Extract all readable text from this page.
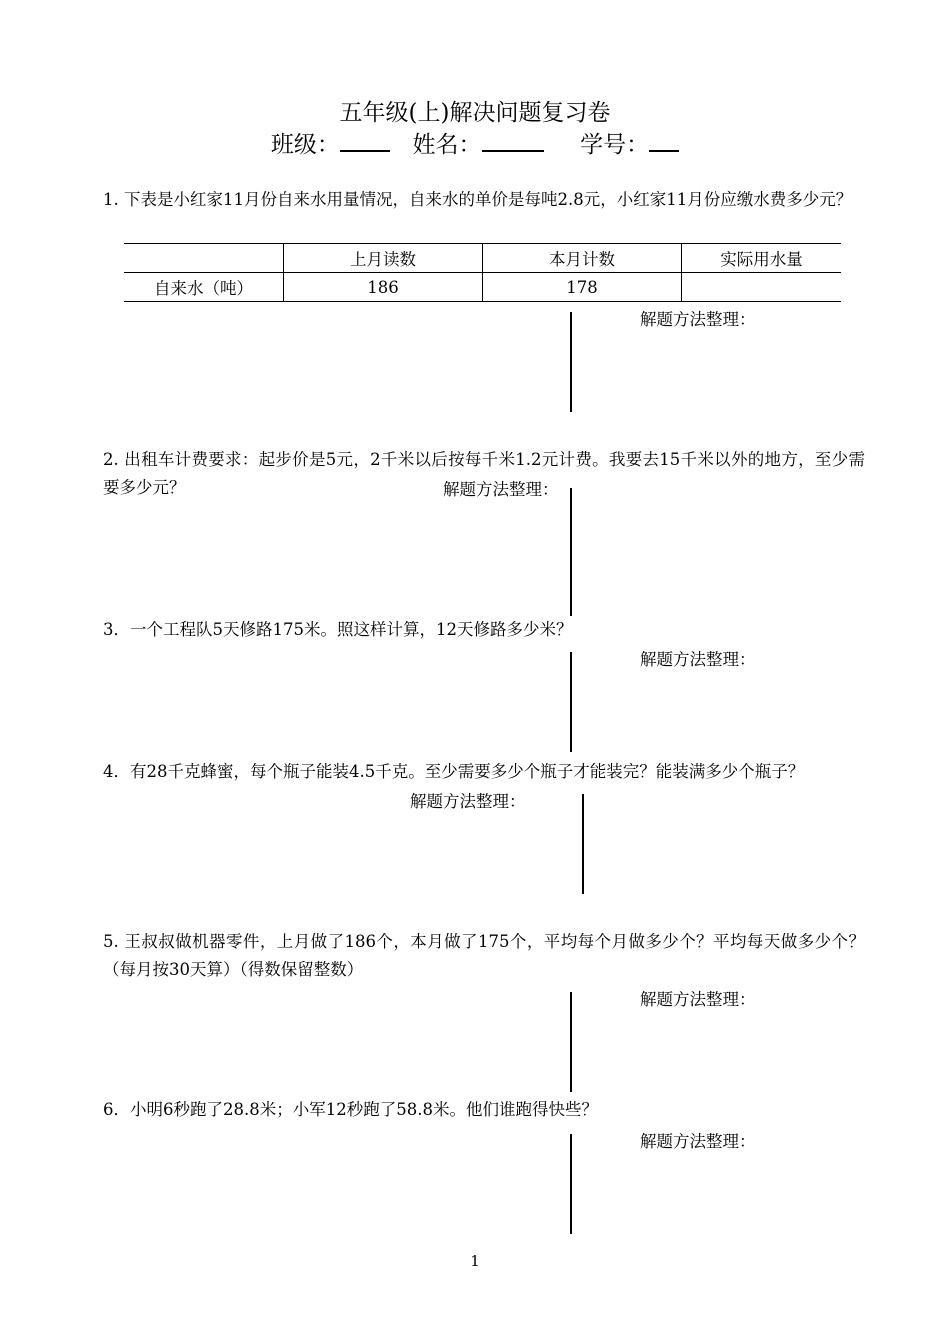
五年级(上)解决问题复习卷
班级：	姓名：	学号：
1. 下表是小红家11月份自来水用量情况，自来水的单价是每吨2.8元，小红家11月份应缴水费多少元？
	上月读数	本月计数	实际用水量
自来水（吨）	186	178	
解题方法整理：
2. 出租车计费要求：起步价是5元，2千米以后按每千米1.2元计费。我要去15千米以外的地方，至少需要多少元？	解题方法整理：
3．一个工程队5天修路175米。照这样计算，12天修路多少米？
解题方法整理：
4．有28千克蜂蜜，每个瓶子能装4.5千克。至少需要多少个瓶子才能装完？能装满多少个瓶子？
解题方法整理：
5. 王叔叔做机器零件，上月做了186个，本月做了175个，平均每个月做多少个？平均每天做多少个？（每月按30天算）（得数保留整数）
解题方法整理：
6．小明6秒跑了28.8米；小军12秒跑了58.8米。他们谁跑得快些？
解题方法整理：
1
